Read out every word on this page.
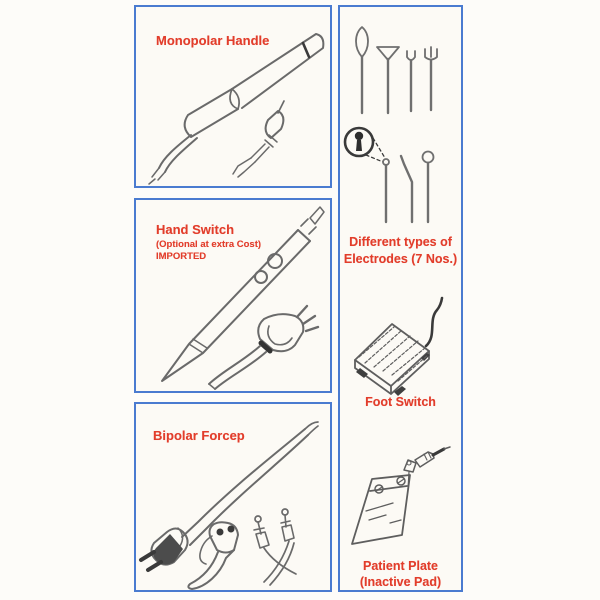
Monopolar Handle
Hand Switch
(Optional at extra Cost)
IMPORTED
Bipolar Forcep
Different types of
Electrodes (7 Nos.)
Foot Switch
Patient Plate
(Inactive Pad)
